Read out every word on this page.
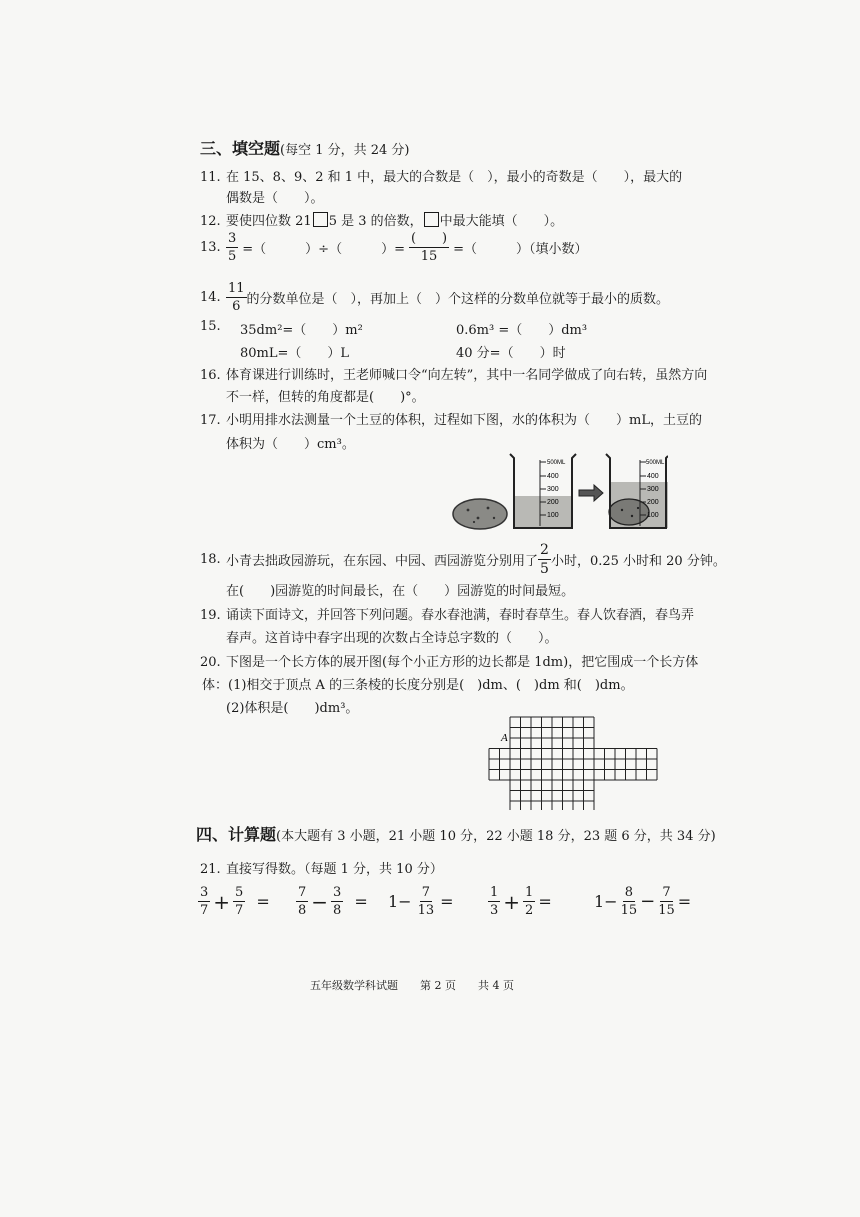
三、填空题(每空 1 分，共 24 分)
11. 在 15、8、9、2 和 1 中，最大的合数是（　），最小的奇数是（　　），最大的
偶数是（　　）。
12. 要使四位数 21 5 是 3 的倍数， 中最大能填（　　）。
13. $\frac{3}{5}$ =（　　　）÷（　　　）= $\frac{( )}{15}$ =（　　　）（填小数）
14. $\frac{11}{6}$ 的分数单位是（　），再加上（　）个这样的分数单位就等于最小的质数。
15. 35dm²=（　　）m²	0.6m³ =（　　）dm³
80mL=（　　）L	40 分=（　　）时
16. 体育课进行训练时，王老师喊口令“向左转”，其中一名同学做成了向右转，虽然方向
不一样，但转的角度都是(　　)°。
17. 小明用排水法测量一个土豆的体积，过程如下图，水的体积为（　　）mL，土豆的
体积为（　　）cm³。
500ML
400
300
200
100
500ML
400
300
200
100
18. 小青去拙政园游玩，在东园、中园、西园游览分别用了 $\frac{2}{5}$ 小时，0.25 小时和 20 分钟。
在(　　)园游览的时间最长，在（　　）园游览的时间最短。
19. 诵读下面诗文，并回答下列问题。春水春池满，春时春草生。春人饮春酒，春鸟弄
春声。这首诗中春字出现的次数占全诗总字数的（　　）。
20. 下图是一个长方体的展开图(每个小正方形的边长都是 1dm)，把它围成一个长方体
体：(1)相交于顶点 A 的三条棱的长度分别是(　)dm、(　)dm 和(　)dm。
(2)体积是(　　)dm³。
A
四、计算题(本大题有 3 小题，21 小题 10 分，22 小题 18 分，23 题 6 分，共 34 分)
21. 直接写得数。（每题 1 分，共 10 分）
$\frac{3}{7} + \frac{5}{7} = \frac{7}{8} - \frac{3}{8} = 1- \frac{7}{13}$ =	$\frac{1}{3} + \frac{1}{2}$ =	$1- \frac{8}{15} - \frac{7}{15}$ =
五年级数学科试题　　第 2 页　　共 4 页
